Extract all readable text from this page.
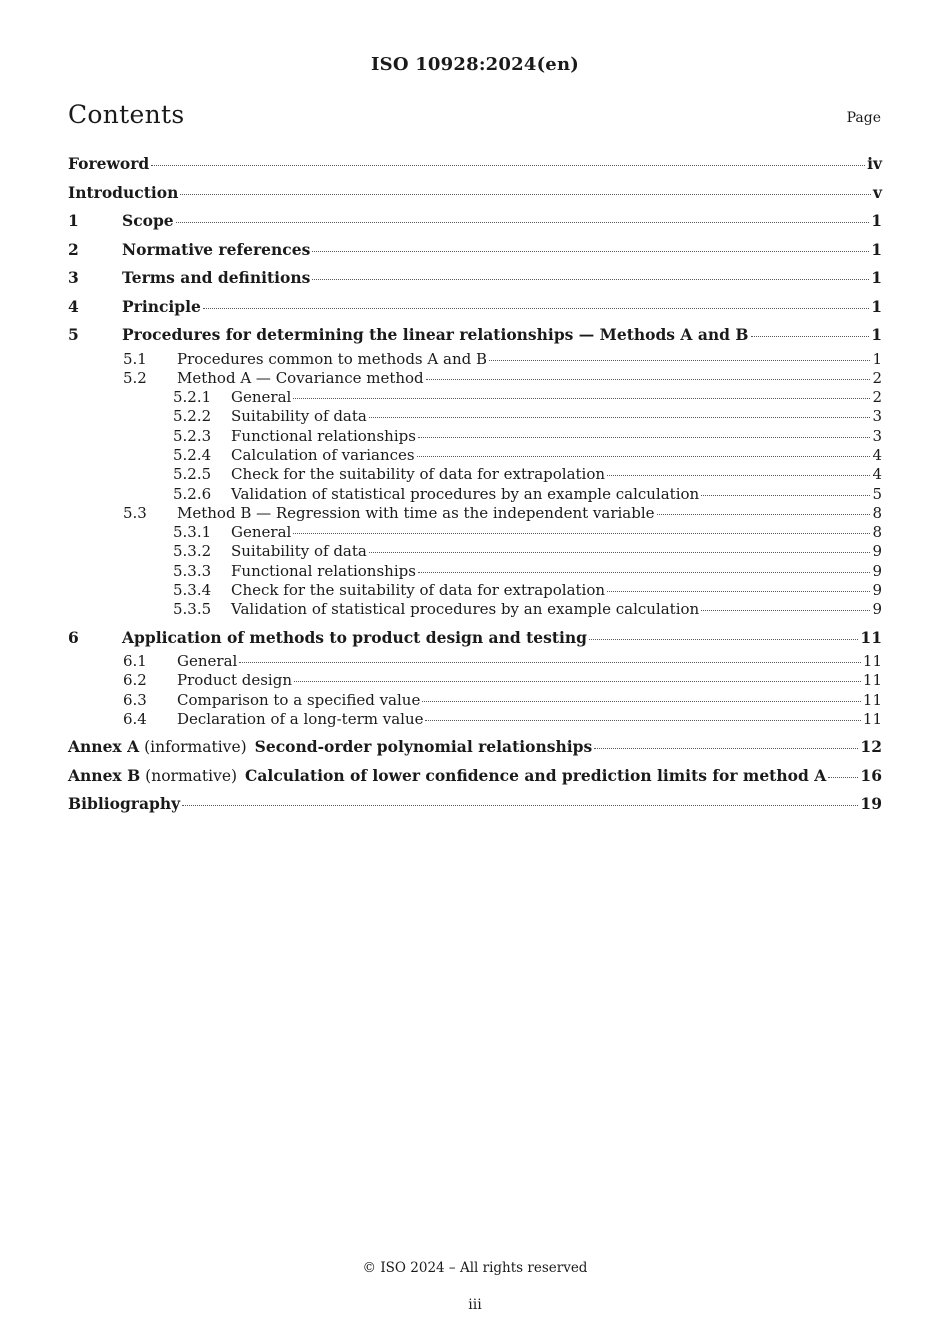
ISO 10928:2024(en)
Contents	Page
Foreword	iv
Introduction	v
1	Scope	1
2	Normative references	1
3	Terms and definitions	1
4	Principle	1
5	Procedures for determining the linear relationships — Methods A and B	1
5.1	Procedures common to methods A and B	1
5.2	Method A — Covariance method	2
5.2.1	General	2
5.2.2	Suitability of data	3
5.2.3	Functional relationships	3
5.2.4	Calculation of variances	4
5.2.5	Check for the suitability of data for extrapolation	4
5.2.6	Validation of statistical procedures by an example calculation	5
5.3	Method B — Regression with time as the independent variable	8
5.3.1	General	8
5.3.2	Suitability of data	9
5.3.3	Functional relationships	9
5.3.4	Check for the suitability of data for extrapolation	9
5.3.5	Validation of statistical procedures by an example calculation	9
6	Application of methods to product design and testing	11
6.1	General	11
6.2	Product design	11
6.3	Comparison to a specified value	11
6.4	Declaration of a long-term value	11
Annex A (informative) Second-order polynomial relationships	12
Annex B (normative) Calculation of lower confidence and prediction limits for method A 16
Bibliography	19
© ISO 2024 – All rights reserved
iii
